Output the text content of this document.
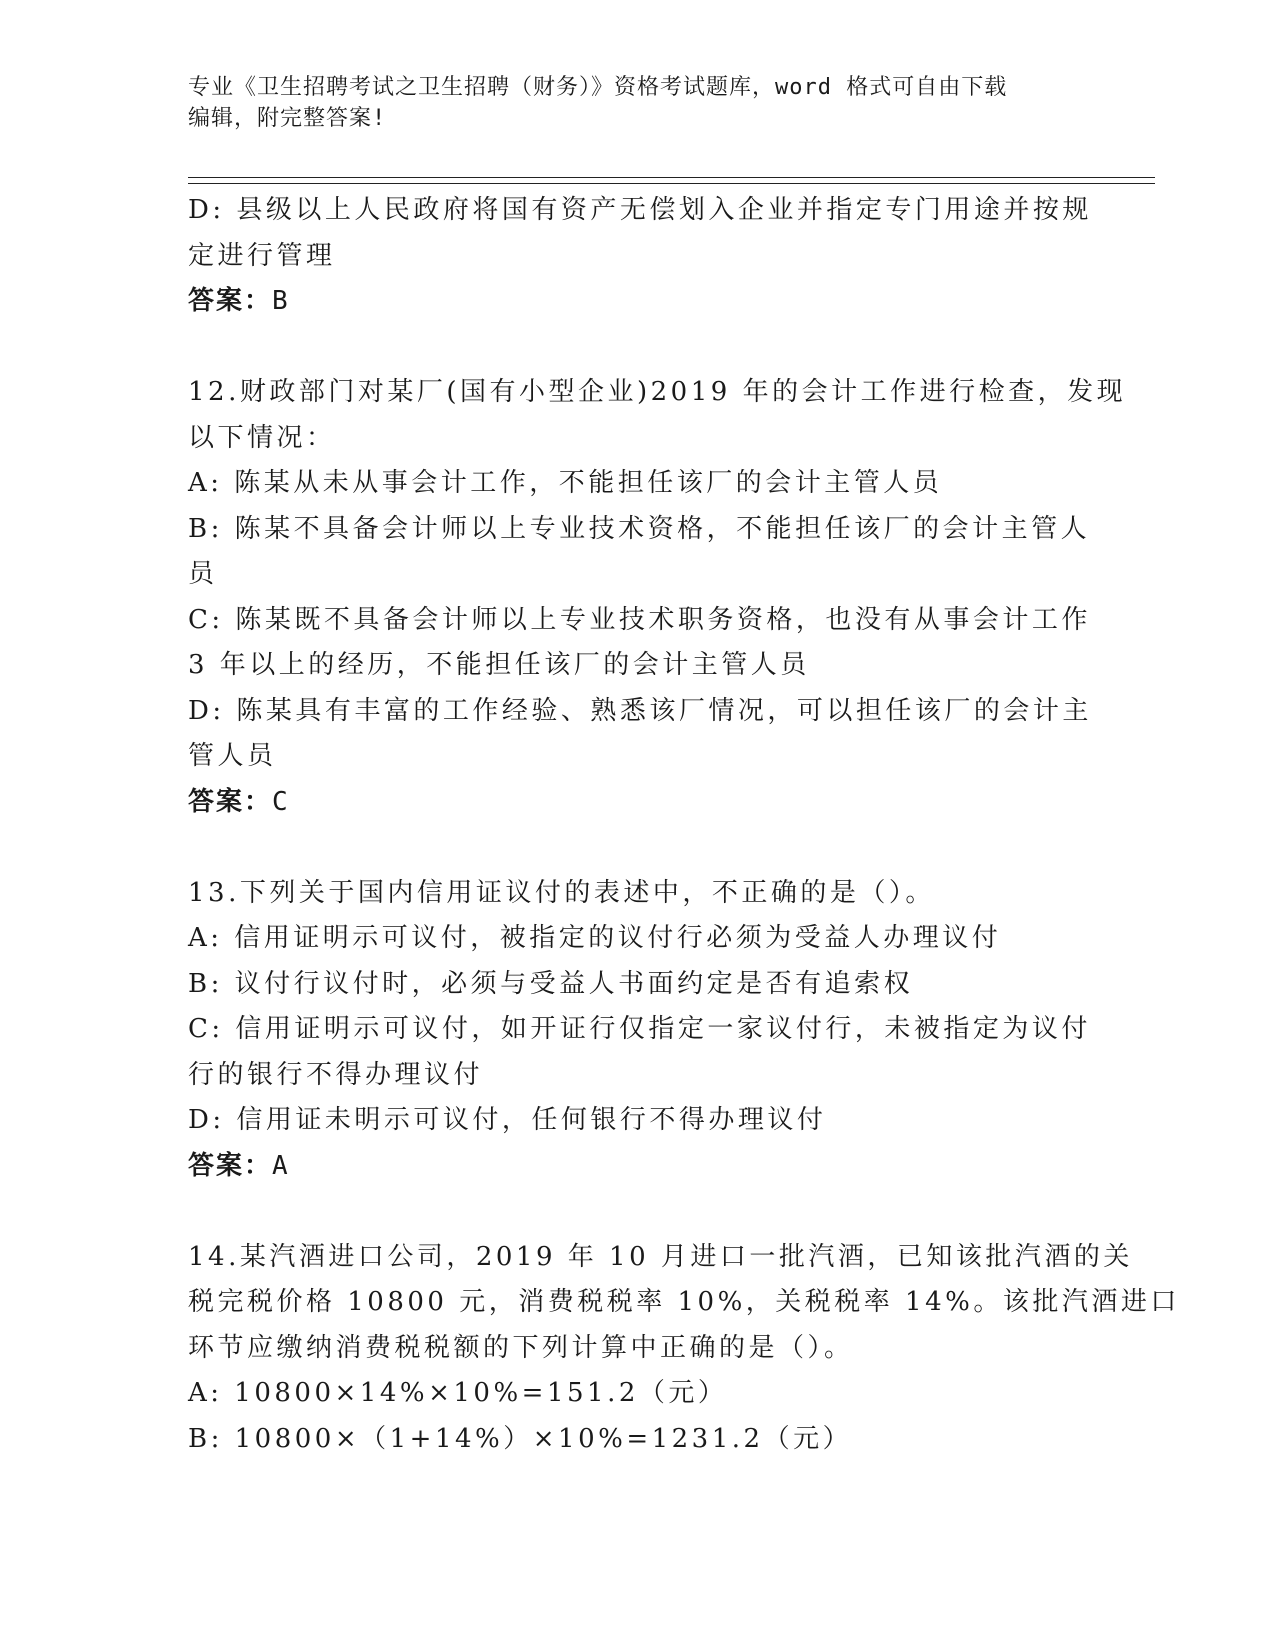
专业《卫生招聘考试之卫生招聘（财务）》资格考试题库，word 格式可自由下载
编辑，附完整答案!
D: 县级以上人民政府将国有资产无偿划入企业并指定专门用途并按规
定进行管理
答案：B
12.财政部门对某厂(国有小型企业)2019 年的会计工作进行检查，发现
以下情况：
A: 陈某从未从事会计工作，不能担任该厂的会计主管人员
B: 陈某不具备会计师以上专业技术资格，不能担任该厂的会计主管人
员
C: 陈某既不具备会计师以上专业技术职务资格，也没有从事会计工作
3 年以上的经历，不能担任该厂的会计主管人员
D: 陈某具有丰富的工作经验、熟悉该厂情况，可以担任该厂的会计主
管人员
答案：C
13.下列关于国内信用证议付的表述中，不正确的是（）。
A: 信用证明示可议付，被指定的议付行必须为受益人办理议付
B: 议付行议付时，必须与受益人书面约定是否有追索权
C: 信用证明示可议付，如开证行仅指定一家议付行，未被指定为议付
行的银行不得办理议付
D: 信用证未明示可议付，任何银行不得办理议付
答案：A
14.某汽酒进口公司，2019 年 10 月进口一批汽酒，已知该批汽酒的关
税完税价格 10800 元，消费税税率 10%，关税税率 14%。该批汽酒进口
环节应缴纳消费税税额的下列计算中正确的是（）。
A: 10800×14%×10%=151.2（元）
B: 10800×（1+14%）×10%=1231.2（元）
